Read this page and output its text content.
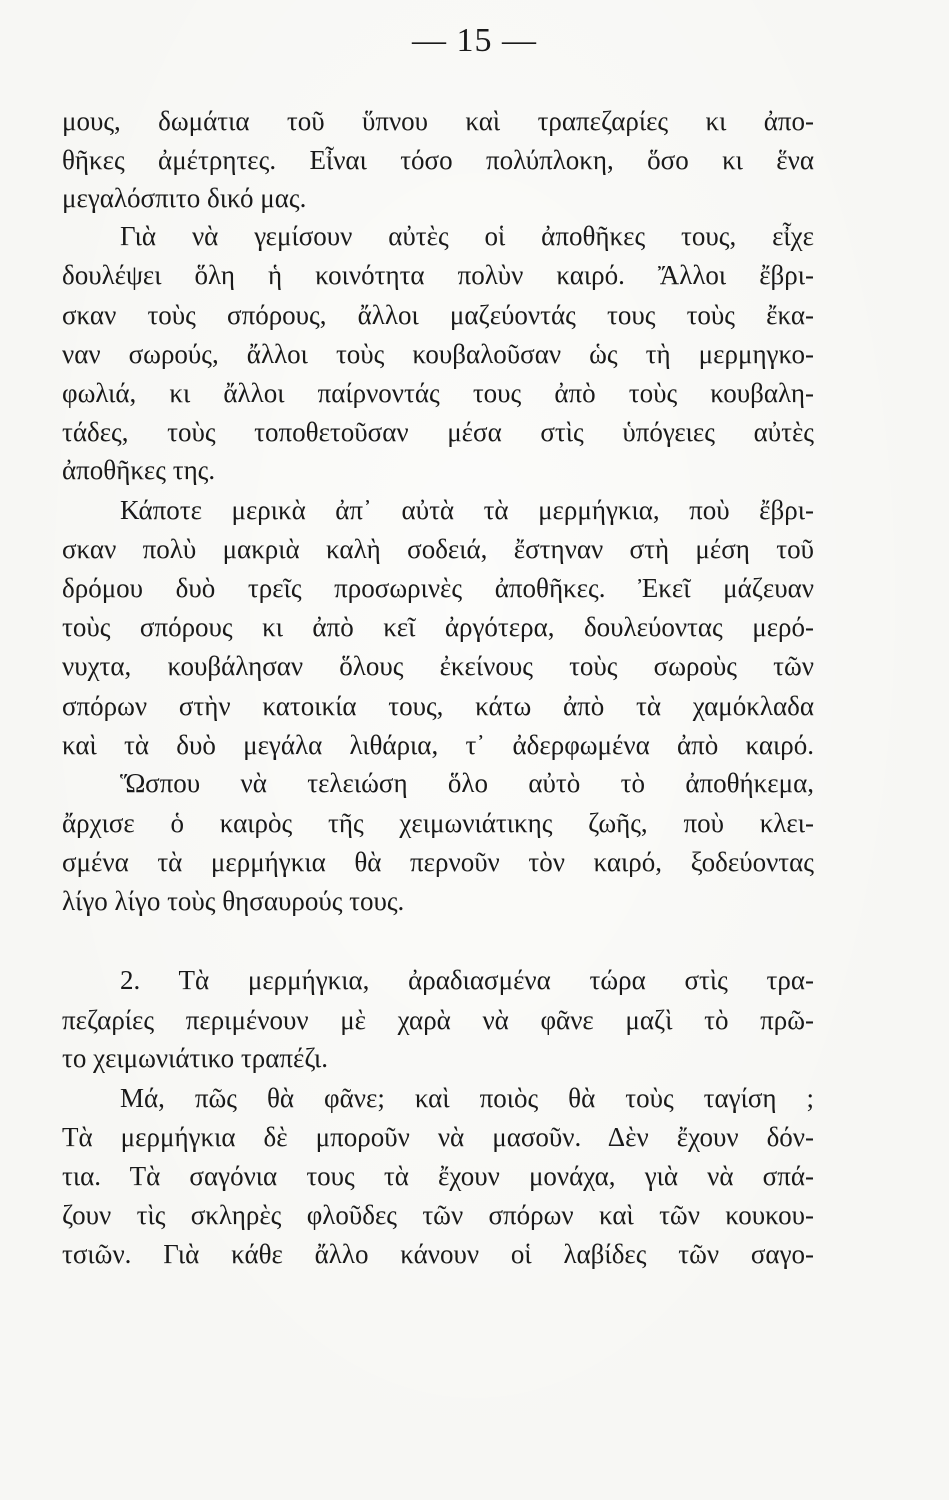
— 15 —
μους, δωμάτια τοῦ ὕπνου καὶ τραπεζαρίες κι ἀπο-
θῆκες ἀμέτρητες. Εἶναι τόσο πολύπλοκη, ὅσο κι ἕνα
μεγαλόσπιτο δικό μας.
Γιὰ νὰ γεμίσουν αὐτὲς οἱ ἀποθῆκες τους, εἶχε
δουλέψει ὅλη ἡ κοινότητα πολὺν καιρό. Ἄλλοι ἔβρι-
σκαν τοὺς σπόρους, ἄλλοι μαζεύοντάς τους τοὺς ἔκα-
ναν σωρούς, ἄλλοι τοὺς κουβαλοῦσαν ὡς τὴ μερμηγκο-
φωλιά, κι ἄλλοι παίρνοντάς τους ἀπὸ τοὺς κουβαλη-
τάδες, τοὺς τοποθετοῦσαν μέσα στὶς ὑπόγειες αὐτὲς
ἀποθῆκες της.
Κάποτε μερικὰ ἀπ᾽ αὐτὰ τὰ μερμήγκια, ποὺ ἔβρι-
σκαν πολὺ μακριὰ καλὴ σοδειά, ἔστηναν στὴ μέση τοῦ
δρόμου δυὸ τρεῖς προσωρινὲς ἀποθῆκες. Ἐκεῖ μάζευαν
τοὺς σπόρους κι ἀπὸ κεῖ ἀργότερα, δουλεύοντας μερό-
νυχτα, κουβάλησαν ὅλους ἐκείνους τοὺς σωροὺς τῶν
σπόρων στὴν κατοικία τους, κάτω ἀπὸ τὰ χαμόκλαδα
καὶ τὰ δυὸ μεγάλα λιθάρια, τ᾽ ἀδερφωμένα ἀπὸ καιρό.
Ὥσπου νὰ τελειώση ὅλο αὐτὸ τὸ ἀποθήκεμα,
ἄρχισε ὁ καιρὸς τῆς χειμωνιάτικης ζωῆς, ποὺ κλει-
σμένα τὰ μερμήγκια θὰ περνοῦν τὸν καιρό, ξοδεύοντας
λίγο λίγο τοὺς θησαυρούς τους.
2. Τὰ μερμήγκια, ἀραδιασμένα τώρα στὶς τρα-
πεζαρίες περιμένουν μὲ χαρὰ νὰ φᾶνε μαζὶ τὸ πρῶ-
το χειμωνιάτικο τραπέζι.
Μά, πῶς θὰ φᾶνε; καὶ ποιὸς θὰ τοὺς ταγίση ;
Τὰ μερμήγκια δὲ μποροῦν νὰ μασοῦν. Δὲν ἔχουν δόν-
τια. Τὰ σαγόνια τους τὰ ἔχουν μονάχα, γιὰ νὰ σπά-
ζουν τὶς σκληρὲς φλοῦδες τῶν σπόρων καὶ τῶν κουκου-
τσιῶν. Γιὰ κάθε ἄλλο κάνουν οἱ λαβίδες τῶν σαγο-
